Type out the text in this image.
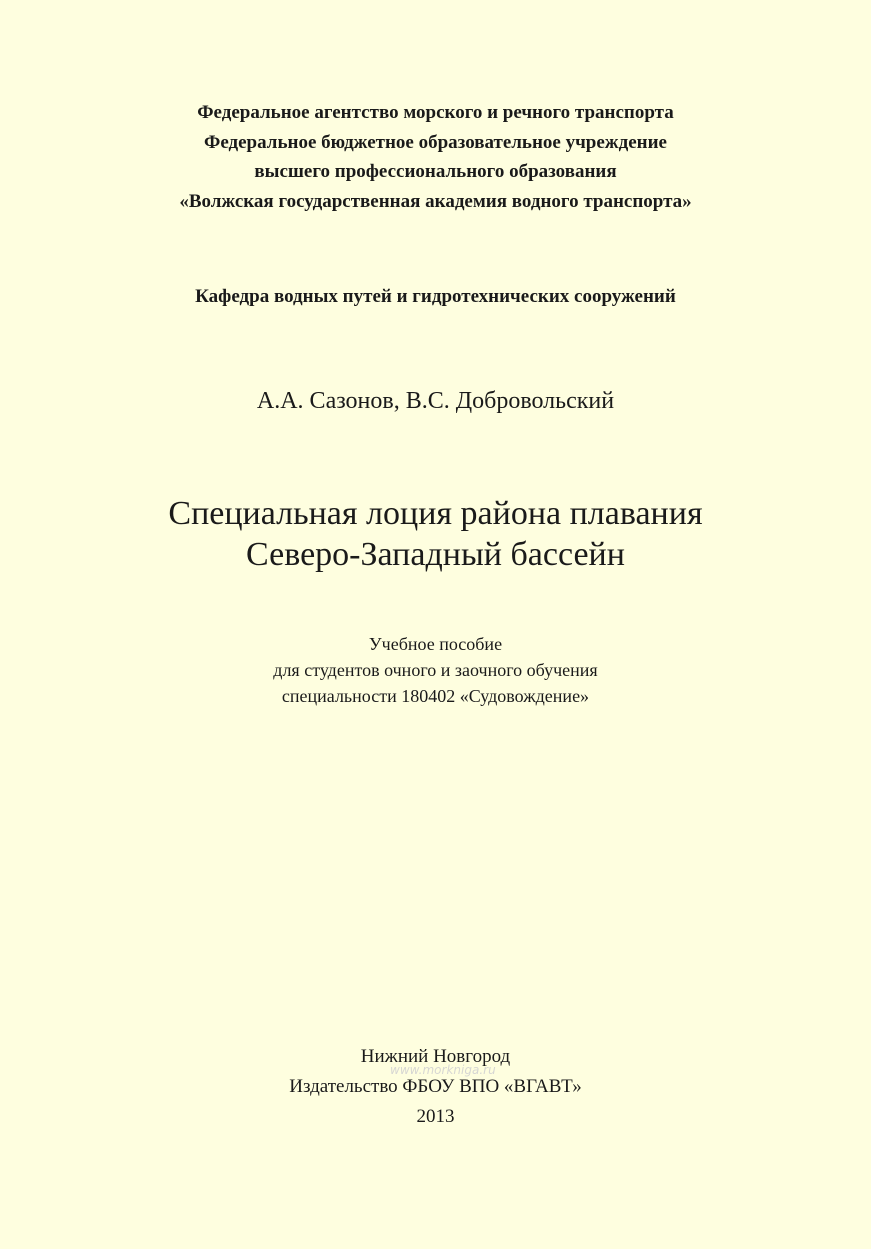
Федеральное агентство морского и речного транспорта
Федеральное бюджетное образовательное учреждение
высшего профессионального образования
«Волжская государственная академия водного транспорта»
Кафедра водных путей и гидротехнических сооружений
А.А. Сазонов, В.С. Добровольский
Специальная лоция района плавания
Северо-Западный бассейн
Учебное пособие
для студентов очного и заочного обучения
специальности 180402 «Судовождение»
Нижний Новгород
Издательство ФБОУ ВПО «ВГАВТ»
2013
www.morkniga.ru
